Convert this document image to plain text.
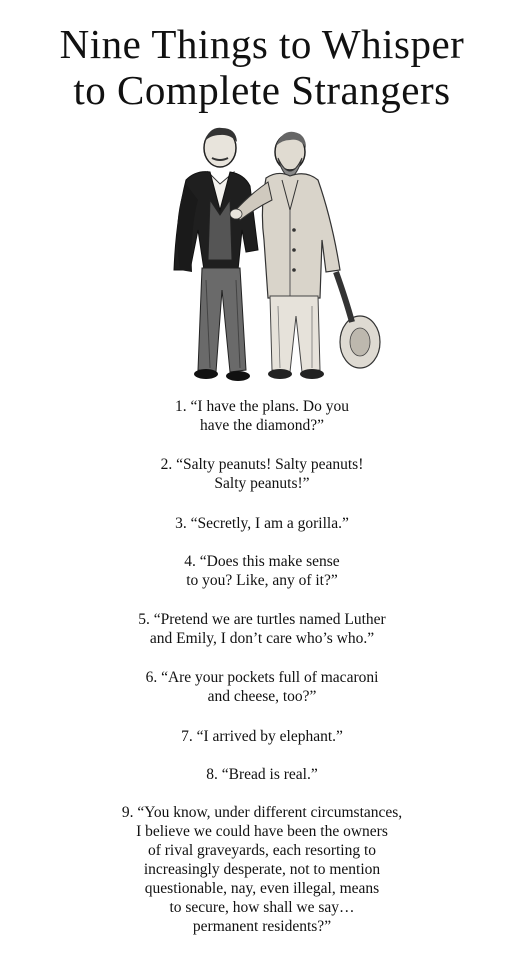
Nine Things to Whisper
to Complete Strangers
1. “I have the plans. Do you
have the diamond?”
2. “Salty peanuts! Salty peanuts!
Salty peanuts!”
3. “Secretly, I am a gorilla.”
4. “Does this make sense
to you? Like, any of it?”
5. “Pretend we are turtles named Luther
and Emily, I don’t care who’s who.”
6. “Are your pockets full of macaroni
and cheese, too?”
7. “I arrived by elephant.”
8. “Bread is real.”
9. “You know, under different circumstances,
I believe we could have been the owners
of rival graveyards, each resorting to
increasingly desperate, not to mention
questionable, nay, even illegal, means
to secure, how shall we say…
permanent residents?”
